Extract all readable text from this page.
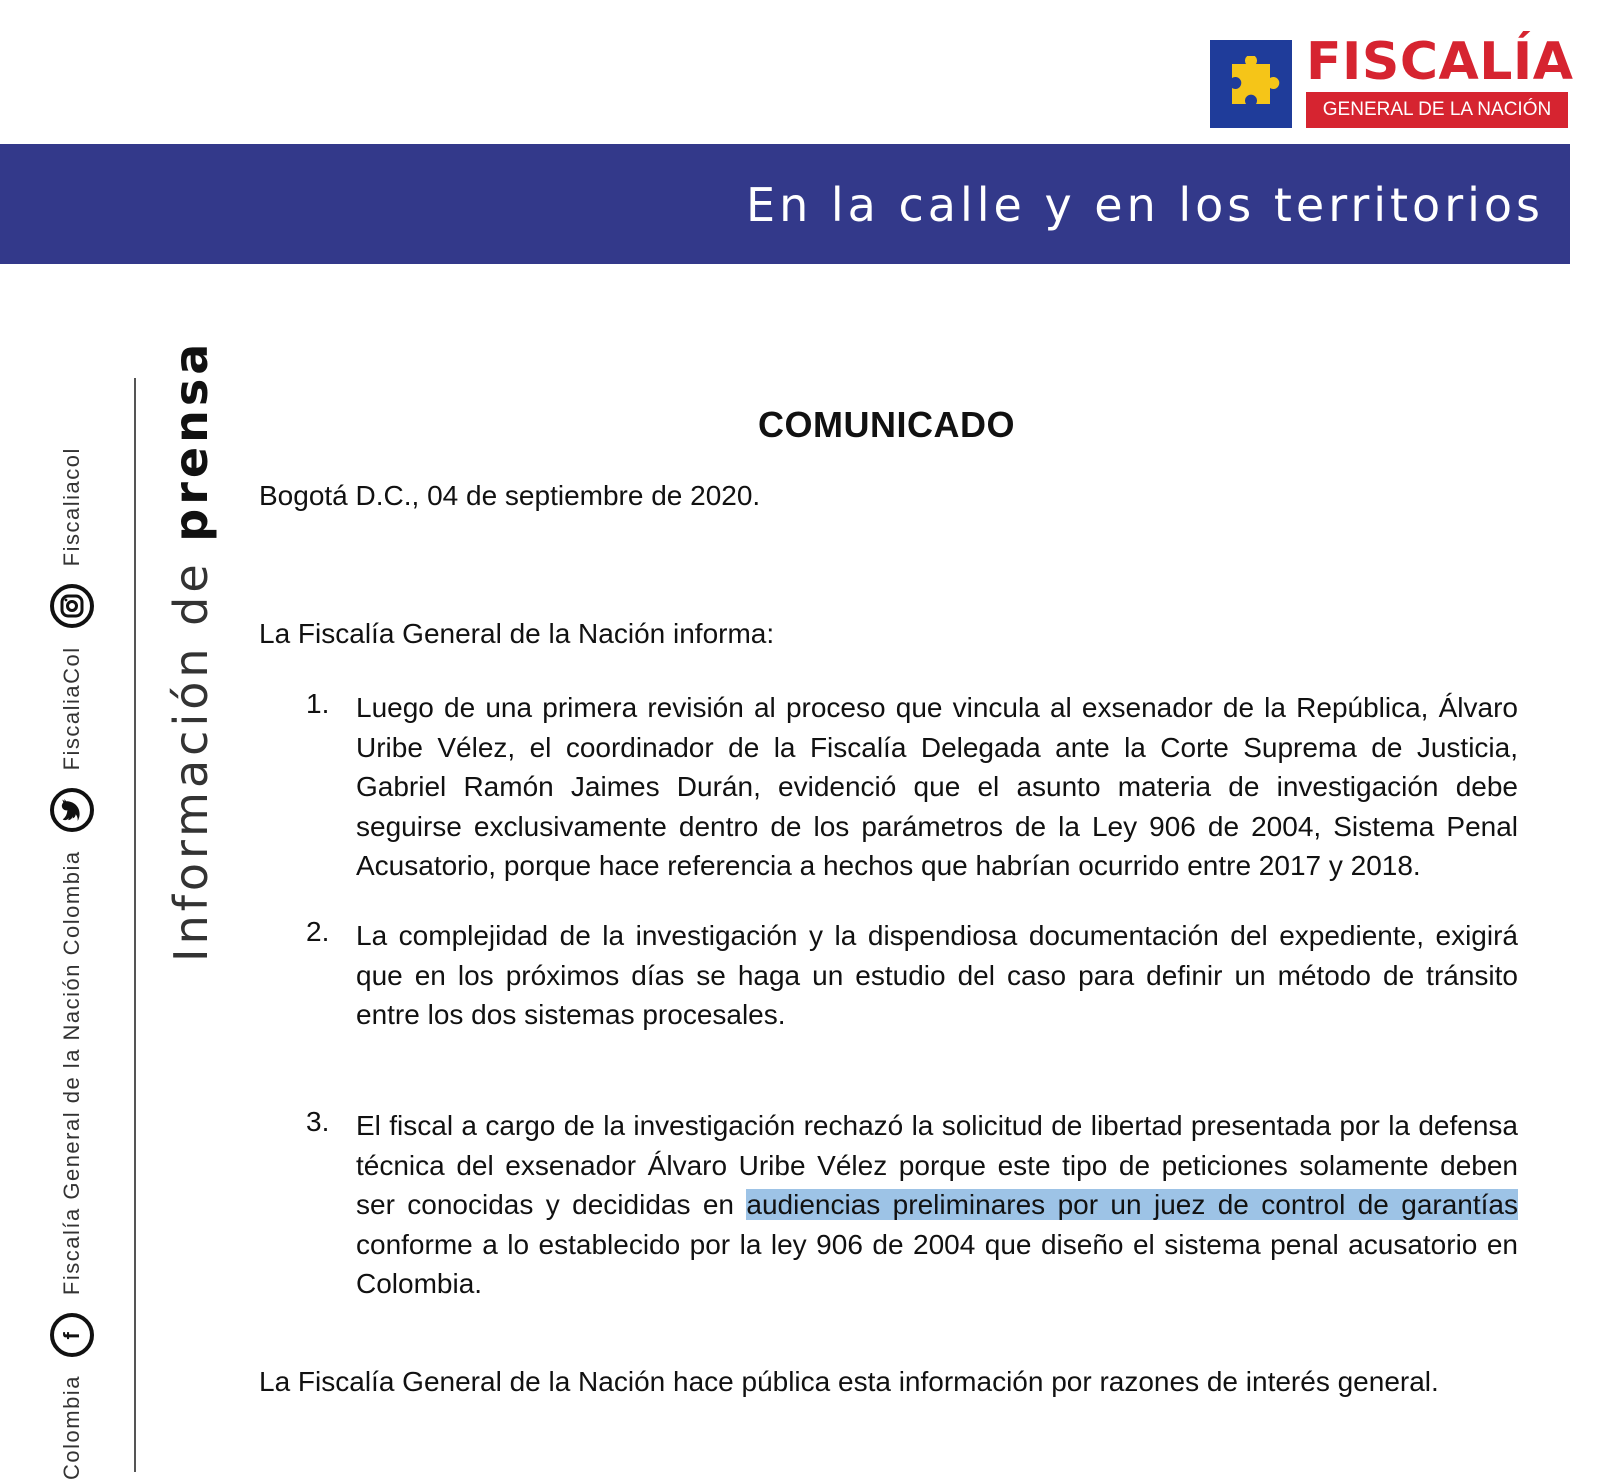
FISCALÍA
GENERAL DE LA NACIÓN
En la calle y en los territorios
Colombia
f
Fiscalía General de la Nación Colombia
FiscaliaCol
Fiscaliacol
Información de prensa	COMUNICADO
Bogotá D.C., 04 de septiembre de 2020.
La Fiscalía General de la Nación informa:
1. Luego de una primera revisión al proceso que vincula al exsenador de la República, Álvaro Uribe Vélez, el coordinador de la Fiscalía Delegada ante la Corte Suprema de Justicia, Gabriel Ramón Jaimes Durán, evidenció que el asunto materia de investigación debe seguirse exclusivamente dentro de los parámetros de la Ley 906 de 2004, Sistema Penal Acusatorio, porque hace referencia a hechos que habrían ocurrido entre 2017 y 2018.
2. La complejidad de la investigación y la dispendiosa documentación del expediente, exigirá que en los próximos días se haga un estudio del caso para definir un método de tránsito entre los dos sistemas procesales.
3. El fiscal a cargo de la investigación rechazó la solicitud de libertad presentada por la defensa técnica del exsenador Álvaro Uribe Vélez porque este tipo de peticiones solamente deben ser conocidas y decididas en audiencias preliminares por un juez de control de garantías conforme a lo establecido por la ley 906 de 2004 que diseño el sistema penal acusatorio en Colombia.
La Fiscalía General de la Nación hace pública esta información por razones de interés general.
